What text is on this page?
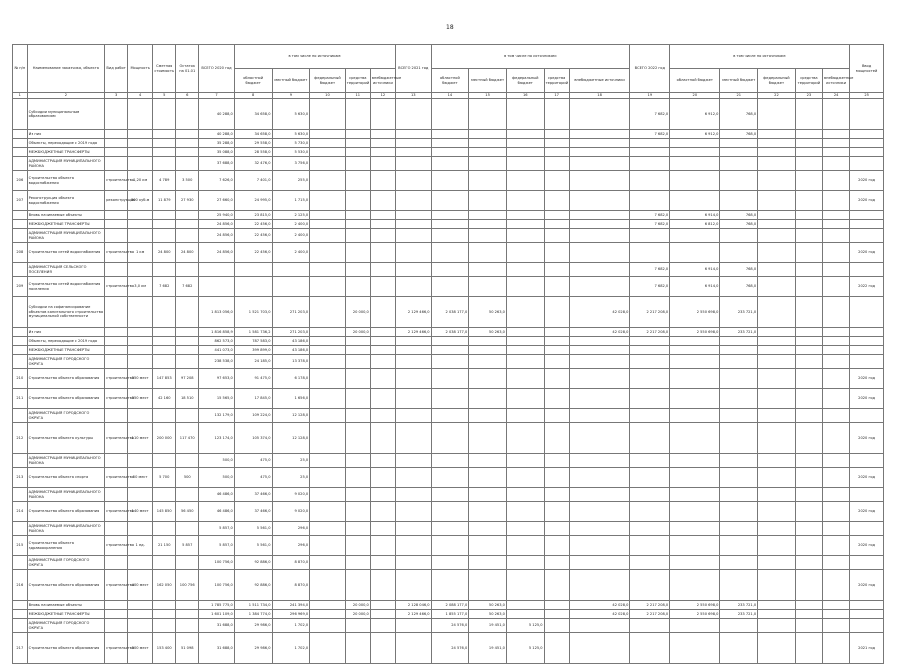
18
№ п/п	Наименование заказчика, объекта	Вид работ	Мощность	Сметная стоимость	Остаток на 01.01	ВСЕГО 2020 год	в том числе по источникам:					ВСЕГО 2021 год	в том числе по источникам:					ВСЕГО 2022 год	в том числе по источникам:					Ввод мощностей
							областной бюджет	местный бюджет	федеральный бюджет	средства территорий	внебюджетные источники		областной бюджет	местный бюджет	федеральный бюджет	средства территорий	внебюджетные источники		областной бюджет	местный бюджет	федеральный бюджет	средства территорий	внебюджетные источники	
1	2	3	4	5	6	7	8	9	10	11	12	13	14	15	16	17	18	19	20	21	22	23	24	25
	Субсидии муниципальным образованиям					40 288,0	34 658,0	5 630,0										7 682,0	6 912,0	768,0				
	Из них					40 288,0	34 658,0	5 630,0										7 682,0	6 912,0	768,0				
	Объекты, переходящие с 2019 года					35 288,0	29 558,0	5 730,0																
	МЕЖБЮДЖЕТНЫЕ ТРАНСФЕРТЫ					35 088,0	28 558,0	5 530,0																
	АДМИНИСТРАЦИЯ МУНИЦИПАЛЬНОГО РАЙОНА					37 688,0	32 476,0	3 756,0																
206	Строительство объекта водоснабжения	строительство	1,20 км	4 789	3 500	7 626,0	7 401,0	255,0																2020 год
207	Реконструкция объекта водоснабжения	реконструкция	800 куб.м	11 879	27 930	27 660,0	24 995,0	1 715,0																2020 год
	Вновь начинаемые объекты					25 940,0	23 815,0	2 125,0										7 682,0	6 914,0	768,0				
	МЕЖБЮДЖЕТНЫЕ ТРАНСФЕРТЫ					24 856,0	22 456,0	2 400,0										7 682,0	6 812,0	768,0				
	АДМИНИСТРАЦИЯ МУНИЦИПАЛЬНОГО РАЙОНА					24 856,0	22 456,0	2 400,0																
208	Строительство сетей водоснабжения	строительство	1 км	24 800	24 800	24 856,0	22 456,0	2 400,0																2020 год
	АДМИНИСТРАЦИЯ СЕЛЬСКОГО ПОСЕЛЕНИЯ																	7 682,0	6 914,0	768,0				
209	Строительство сетей водоснабжения поселения	строительство	3,0 км	7 682	7 682													7 682,0	6 914,0	768,0				2022 год
	Субсидии на софинансирование объектов капитального строительства муниципальной собственности					1 813 056,0	1 521 703,0	271 203,0		20 000,0		2 129 466,0	2 038 177,0	50 263,0			42 028,0	2 217 208,0	2 550 698,0	233 721,0				
	Из них					1 816 858,9	1 581 736,2	271 203,0		20 000,0		2 129 466,0	2 038 177,0	50 263,0			42 028,0	2 217 208,0	2 550 698,0	233 721,0				
	Объекты, переходящие с 2019 года					862 573,0	787 583,0	43 186,0																
	МЕЖБЮДЖЕТНЫЕ ТРАНСФЕРТЫ					441 073,0	399 899,0	43 186,0																
	АДМИНИСТРАЦИЯ ГОРОДСКОГО ОКРУГА					238 538,0	24 185,0	13 378,0																
210	Строительство объекта образования	строительство	350 мест	147 853	97 208	97 653,0	91 475,0	6 178,0																2020 год
211	Строительство объекта образования	строительство	350 мест	42 160	18 510	15 565,0	17 845,0	1 656,0																2020 год
	АДМИНИСТРАЦИЯ ГОРОДСКОГО ОКРУГА					132 179,0	109 224,0	12 128,0																
212	Строительство объекта культуры	строительство	110 мест	200 000	117 470	123 174,0	105 374,0	12 128,0																2020 год
	АДМИНИСТРАЦИЯ МУНИЦИПАЛЬНОГО РАЙОНА					500,0	475,0	25,0																
213	Строительство объекта спорта	строительство	50 мест	5 700	500	500,0	475,0	25,0																2020 год
	АДМИНИСТРАЦИЯ МУНИЦИПАЛЬНОГО РАЙОНА					46 486,0	37 466,0	9 020,0																
214	Строительство объекта образования	строительство	140 мест	145 850	56 450	46 486,0	37 466,0	9 020,0																2020 год
	АДМИНИСТРАЦИЯ МУНИЦИПАЛЬНОГО РАЙОНА					5 857,0	5 561,0	296,0																
215	Строительство объекта здравоохранения	строительство	1 ед.	21 150	5 857	5 857,0	5 561,0	296,0																2020 год
	АДМИНИСТРАЦИЯ ГОРОДСКОГО ОКРУГА					100 756,0	92 886,0	8 870,0																
216	Строительство объекта образования	строительство	400 мест	162 050	100 756	100 756,0	92 886,0	8 870,0																2020 год
	Вновь начинаемые объекты					1 785 775,0	1 511 734,0	241 394,0		20 000,0		2 128 046,0	2 088 177,0	50 263,0			42 028,0	2 217 208,0	2 550 698,0	233 721,0				
	МЕЖБЮДЖЕТНЫЕ ТРАНСФЕРТЫ					1 601 109,0	1 384 774,0	296 969,0		20 000,0		2 129 466,0	1 855 177,0	50 263,0			42 028,0	2 217 208,0	2 550 698,0	233 721,0				
	АДМИНИСТРАЦИЯ ГОРОДСКОГО ОКРУГА					31 688,0	29 986,0	1 702,0					24 576,0	19 451,0	5 125,0									
217	Строительство объекта образования	строительство	300 мест	153 400	51 098	31 688,0	29 986,0	1 702,0					24 576,0	19 451,0	5 125,0									2021 год
